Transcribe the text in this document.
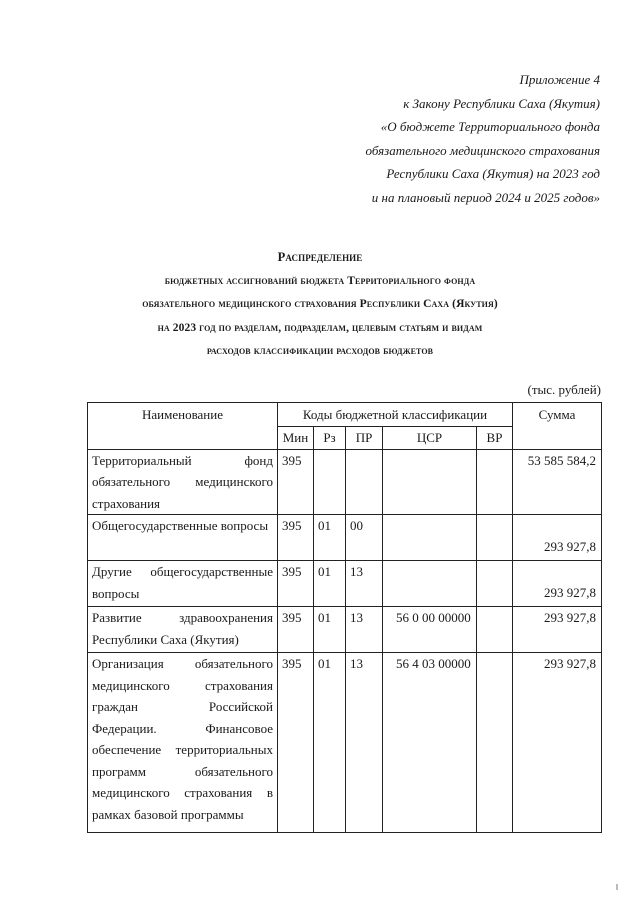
Приложение 4
к Закону Республики Саха (Якутия)
«О бюджете Территориального фонда
обязательного медицинского страхования
Республики Саха (Якутия) на 2023 год
и на плановый период 2024 и 2025 годов»
Распределение
бюджетных ассигнований бюджета Территориального фонда
обязательного медицинского страхования Республики Саха (Якутия)
на 2023 год по разделам, подразделам, целевым статьям и видам
расходов классификации расходов бюджетов
(тыс. рублей)
Наименование	Коды бюджетной классификации					Сумма
	Мин	Рз	ПР	ЦСР	ВР	
Территориальный фонд обязательного медицинского страхования	395					53 585 584,2
Общегосударственные вопросы	395	01	00			293 927,8
Другие общегосударственные вопросы	395	01	13			293 927,8
Развитие здравоохранения Республики Саха (Якутия)	395	01	13	56 0 00 00000		293 927,8
Организация обязательного медицинского страхования граждан Российской Федерации. Финансовое обеспечение территориальных программ обязательного медицинского страхования в рамках базовой программы	395	01	13	56 4 03 00000		293 927,8
